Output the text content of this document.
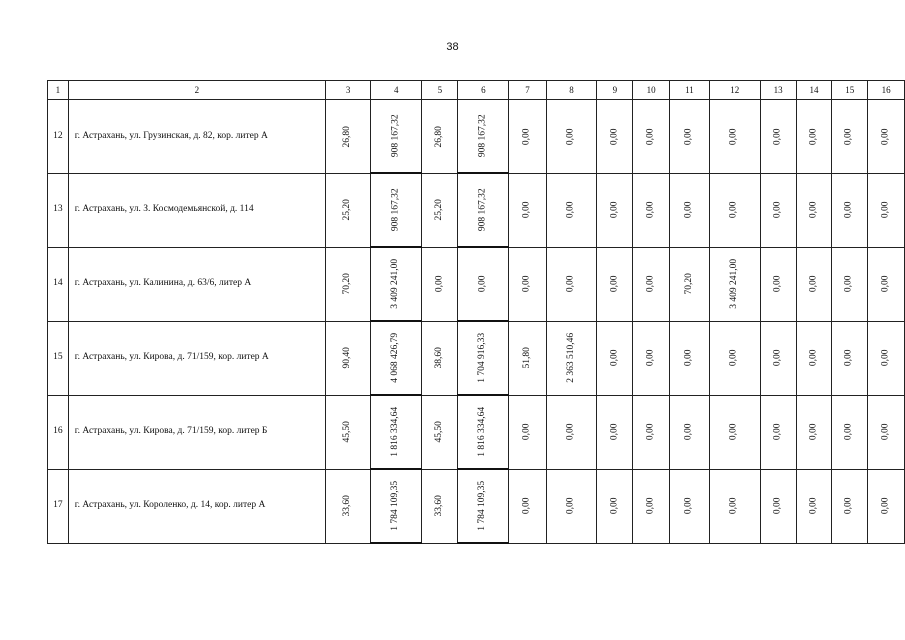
38
1	2	3	4	5	6	7	8	9	10	11	12	13	14	15	16
12	г. Астрахань, ул. Грузинская, д. 82, кор. литер А	26,80	908 167,32	26,80	908 167,32	0,00	0,00	0,00	0,00	0,00	0,00	0,00	0,00	0,00	0,00
13	г. Астрахань, ул. З. Космодемьянской, д. 114	25,20	908 167,32	25,20	908 167,32	0,00	0,00	0,00	0,00	0,00	0,00	0,00	0,00	0,00	0,00
14	г. Астрахань, ул. Калинина, д. 63/6, литер А	70,20	3 409 241,00	0,00	0,00	0,00	0,00	0,00	0,00	70,20	3 409 241,00	0,00	0,00	0,00	0,00
15	г. Астрахань, ул. Кирова, д. 71/159, кор. литер А	90,40	4 068 426,79	38,60	1 704 916,33	51,80	2 363 510,46	0,00	0,00	0,00	0,00	0,00	0,00	0,00	0,00
16	г. Астрахань, ул. Кирова, д. 71/159, кор. литер Б	45,50	1 816 334,64	45,50	1 816 334,64	0,00	0,00	0,00	0,00	0,00	0,00	0,00	0,00	0,00	0,00
17	г. Астрахань, ул. Короленко, д. 14, кор. литер А	33,60	1 784 109,35	33,60	1 784 109,35	0,00	0,00	0,00	0,00	0,00	0,00	0,00	0,00	0,00	0,00
